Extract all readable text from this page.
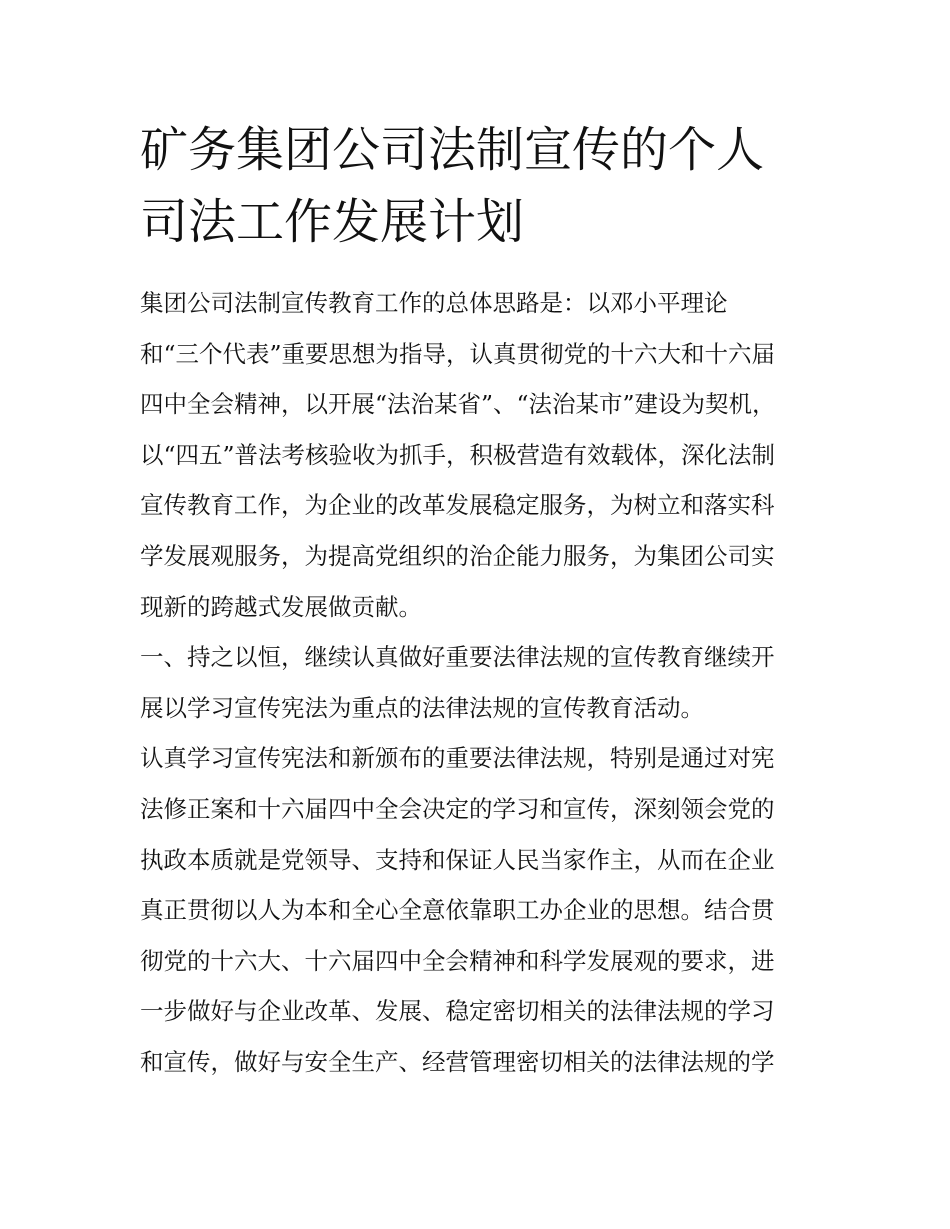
矿务集团公司法制宣传的个人
司法工作发展计划
集团公司法制宣传教育工作的总体思路是：以邓小平理论
和“三个代表”重要思想为指导，认真贯彻党的十六大和十六届
四中全会精神，以开展“法治某省”、“法治某市”建设为契机，
以“四五”普法考核验收为抓手，积极营造有效载体，深化法制
宣传教育工作，为企业的改革发展稳定服务，为树立和落实科
学发展观服务，为提高党组织的治企能力服务，为集团公司实
现新的跨越式发展做贡献。
一、持之以恒，继续认真做好重要法律法规的宣传教育继续开
展以学习宣传宪法为重点的法律法规的宣传教育活动。
认真学习宣传宪法和新颁布的重要法律法规，特别是通过对宪
法修正案和十六届四中全会决定的学习和宣传，深刻领会党的
执政本质就是党领导、支持和保证人民当家作主，从而在企业
真正贯彻以人为本和全心全意依靠职工办企业的思想。结合贯
彻党的十六大、十六届四中全会精神和科学发展观的要求，进
一步做好与企业改革、发展、稳定密切相关的法律法规的学习
和宣传，做好与安全生产、经营管理密切相关的法律法规的学
